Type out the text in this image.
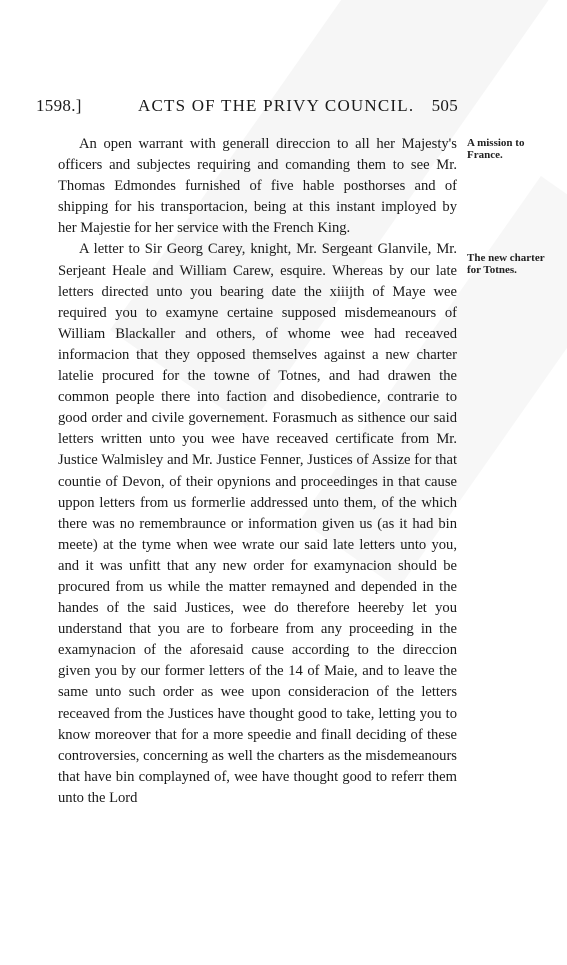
1598.]	ACTS OF THE PRIVY COUNCIL. 505
A mission to France.
The new charter for Totnes.

An open warrant with generall direccion to all her Majesty's officers and subjectes requiring and comanding them to see Mr. Thomas Edmondes furnished of five hable posthorses and of shipping for his transportacion, being at this instant imployed by her Majestie for her service with the French King.

A letter to Sir Georg Carey, knight, Mr. Sergeant Glanvile, Mr. Serjeant Heale and William Carew, esquire. Whereas by our late letters directed unto you bearing date the xiiijth of Maye wee required you to examyne certaine supposed misdemeanours of William Blackaller and others, of whome wee had receaved informacion that they opposed themselves against a new charter latelie procured for the towne of Totnes, and had drawen the common people there into faction and disobedience, contrarie to good order and civile governement. Forasmuch as sithence our said letters written unto you wee have receaved certificate from Mr. Justice Walmisley and Mr. Justice Fenner, Justices of Assize for that countie of Devon, of their opynions and proceedinges in that cause uppon letters from us formerlie addressed unto them, of the which there was no remembraunce or information given us (as it had bin meete) at the tyme when wee wrate our said late letters unto you, and it was unfitt that any new order for examynacion should be procured from us while the matter remayned and depended in the handes of the said Justices, wee do therefore heereby let you understand that you are to forbeare from any proceeding in the examynacion of the aforesaid cause according to the direccion given you by our former letters of the 14 of Maie, and to leave the same unto such order as wee upon consideracion of the letters receaved from the Justices have thought good to take, letting you to know moreover that for a more speedie and finall deciding of these controversies, concerning as well the charters as the misdemeanours that have bin complayned of, wee have thought good to referr them unto the Lord
